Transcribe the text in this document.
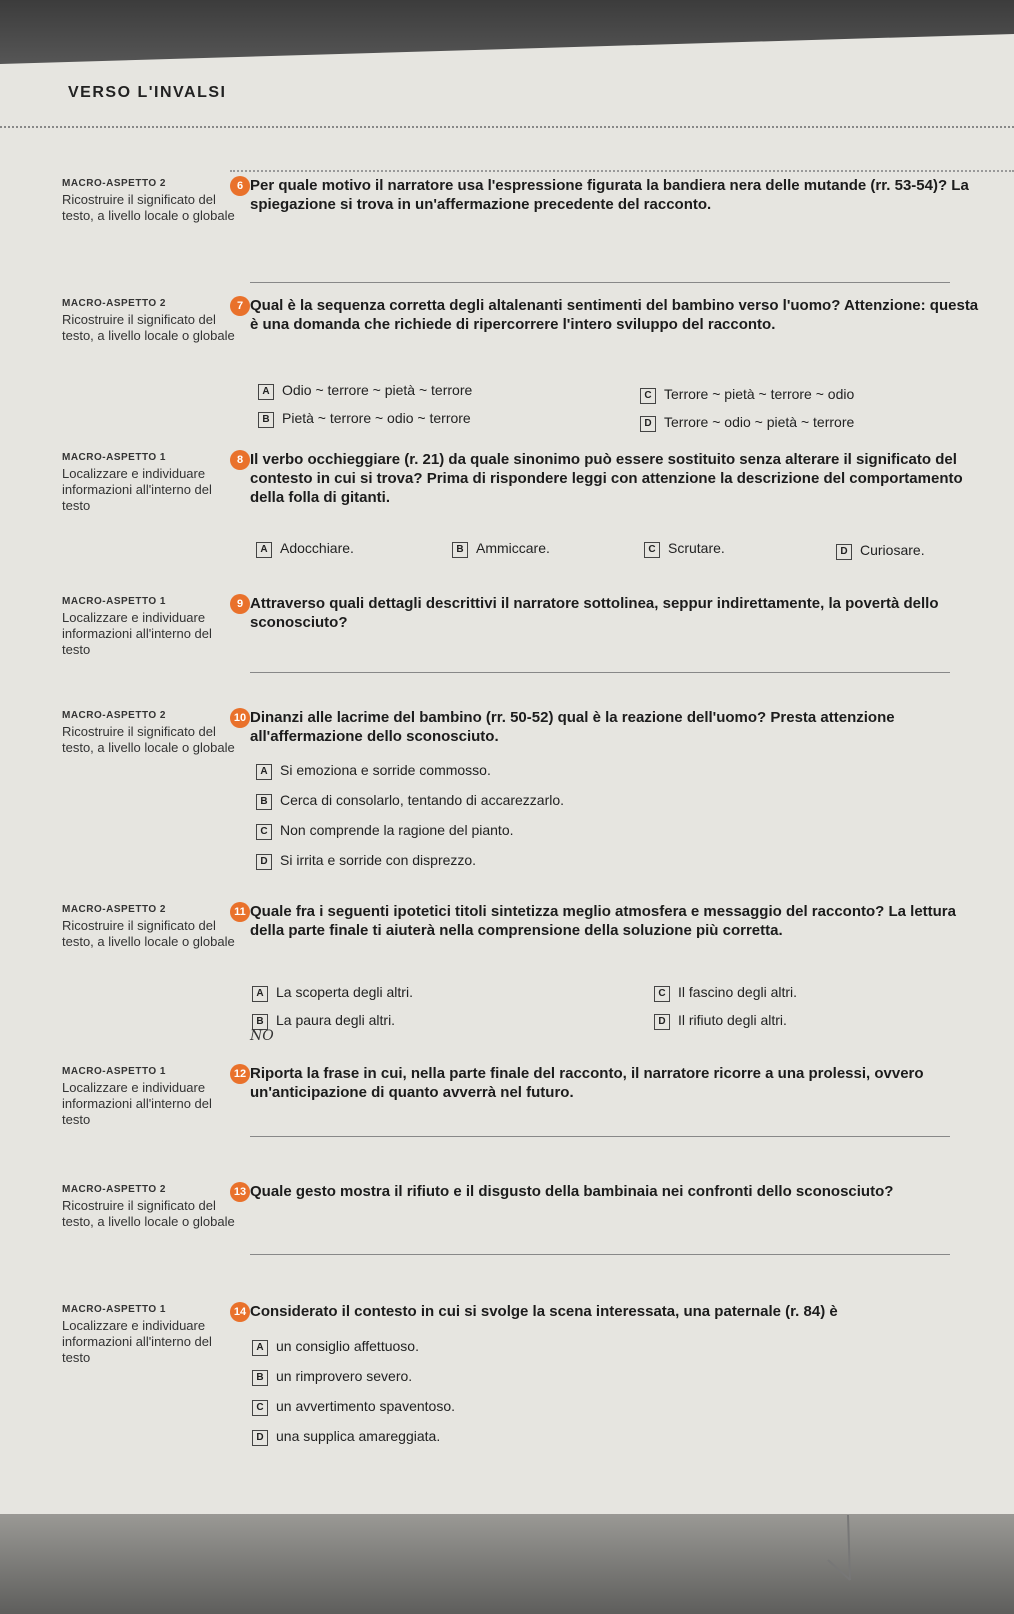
VERSO L'INVALSI
MACRO-ASPETTO 2
Ricostruire il significato del testo, a livello locale o globale
6 Per quale motivo il narratore usa l'espressione figurata la bandiera nera delle mutande (rr. 53-54)? La spiegazione si trova in un'affermazione precedente del racconto.
MACRO-ASPETTO 2
Ricostruire il significato del testo, a livello locale o globale
7 Qual è la sequenza corretta degli altalenanti sentimenti del bambino verso l'uomo? Attenzione: questa è una domanda che richiede di ripercorrere l'intero sviluppo del racconto.
A Odio ~ terrore ~ pietà ~ terrore
B Pietà ~ terrore ~ odio ~ terrore
C Terrore ~ pietà ~ terrore ~ odio
D Terrore ~ odio ~ pietà ~ terrore
MACRO-ASPETTO 1
Localizzare e individuare informazioni all'interno del testo
8 Il verbo occhieggiare (r. 21) da quale sinonimo può essere sostituito senza alterare il significato del contesto in cui si trova? Prima di rispondere leggi con attenzione la descrizione del comportamento della folla di gitanti.
A Adocchiare.	B Ammiccare.	C Scrutare.	D Curiosare.
MACRO-ASPETTO 1
Localizzare e individuare informazioni all'interno del testo
9 Attraverso quali dettagli descrittivi il narratore sottolinea, seppur indirettamente, la povertà dello sconosciuto?
MACRO-ASPETTO 2
Ricostruire il significato del testo, a livello locale o globale
10 Dinanzi alle lacrime del bambino (rr. 50-52) qual è la reazione dell'uomo? Presta attenzione all'affermazione dello sconosciuto.
A Si emoziona e sorride commosso.
B Cerca di consolarlo, tentando di accarezzarlo.
C Non comprende la ragione del pianto.
D Si irrita e sorride con disprezzo.
MACRO-ASPETTO 2
Ricostruire il significato del testo, a livello locale o globale
11 Quale fra i seguenti ipotetici titoli sintetizza meglio atmosfera e messaggio del racconto? La lettura della parte finale ti aiuterà nella comprensione della soluzione più corretta.
A La scoperta degli altri.
B La paura degli altri.
C Il fascino degli altri.
D Il rifiuto degli altri.
NO
MACRO-ASPETTO 1
Localizzare e individuare informazioni all'interno del testo
12 Riporta la frase in cui, nella parte finale del racconto, il narratore ricorre a una prolessi, ovvero un'anticipazione di quanto avverrà nel futuro.
MACRO-ASPETTO 2
Ricostruire il significato del testo, a livello locale o globale
13 Quale gesto mostra il rifiuto e il disgusto della bambinaia nei confronti dello sconosciuto?
MACRO-ASPETTO 1
Localizzare e individuare informazioni all'interno del testo
14 Considerato il contesto in cui si svolge la scena interessata, una paternale (r. 84) è
A un consiglio affettuoso.
B un rimprovero severo.
C un avvertimento spaventoso.
D una supplica amareggiata.
